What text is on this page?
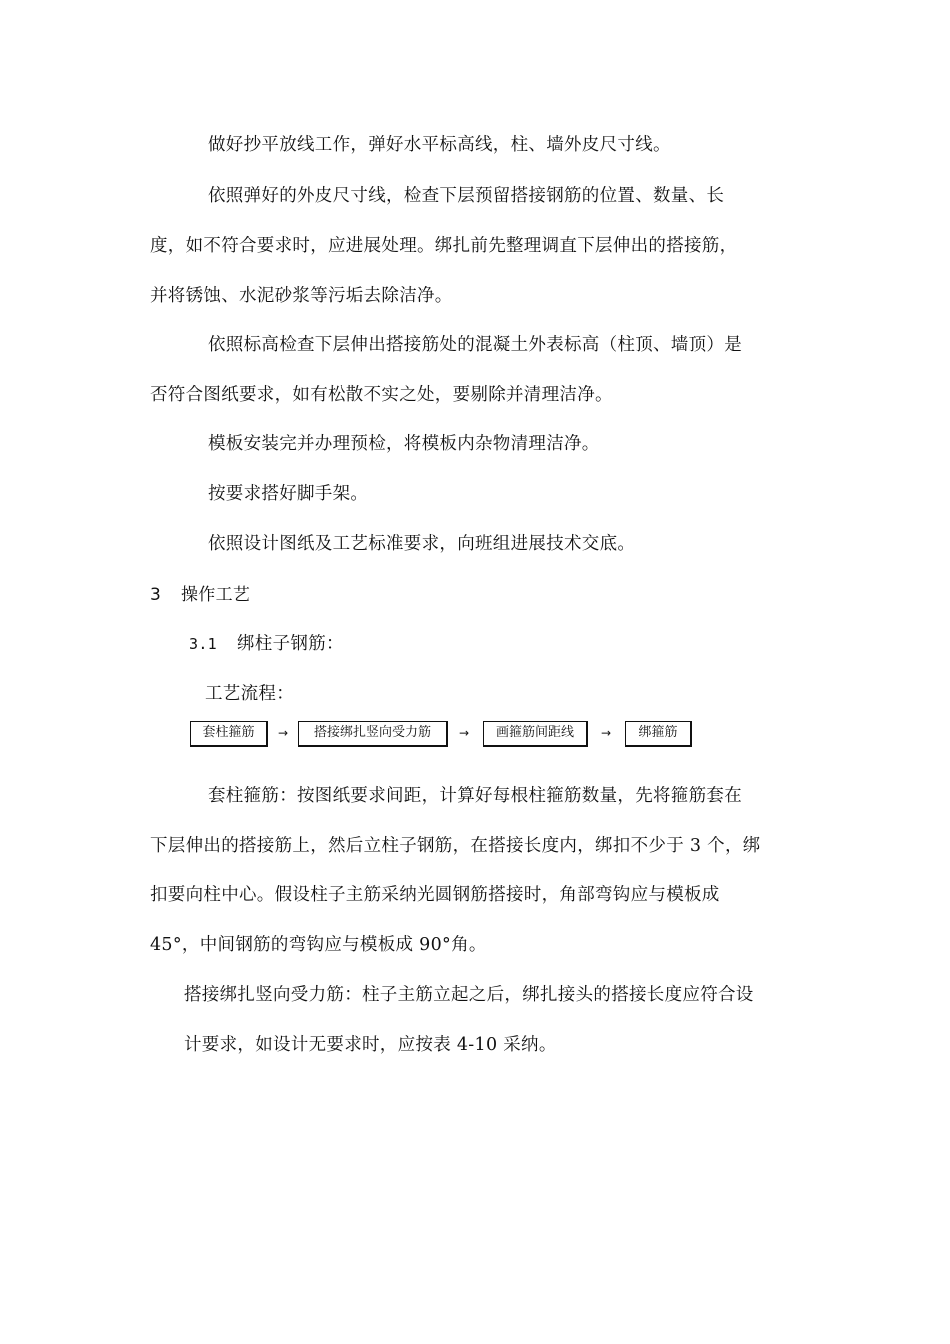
做好抄平放线工作，弹好水平标高线，柱、墙外皮尺寸线。
依照弹好的外皮尺寸线，检查下层预留搭接钢筋的位置、数量、长
度，如不符合要求时，应进展处理。绑扎前先整理调直下层伸出的搭接筋，
并将锈蚀、水泥砂浆等污垢去除洁净。
依照标高检查下层伸出搭接筋处的混凝土外表标高（柱顶、墙顶）是
否符合图纸要求，如有松散不实之处，要剔除并清理洁净。
模板安装完并办理预检，将模板内杂物清理洁净。
按要求搭好脚手架。
依照设计图纸及工艺标准要求，向班组进展技术交底。
3 操作工艺
3.1 绑柱子钢筋：
工艺流程：
套柱箍筋	→	搭接绑扎竖向受力筋	→	画箍筋间距线	→	绑箍筋
套柱箍筋：按图纸要求间距，计算好每根柱箍筋数量，先将箍筋套在
下层伸出的搭接筋上，然后立柱子钢筋，在搭接长度内，绑扣不少于 3 个，绑
扣要向柱中心。假设柱子主筋采纳光圆钢筋搭接时，角部弯钩应与模板成
45°，中间钢筋的弯钩应与模板成 90°角。
搭接绑扎竖向受力筋：柱子主筋立起之后，绑扎接头的搭接长度应符合设
计要求，如设计无要求时，应按表 4-10 采纳。
